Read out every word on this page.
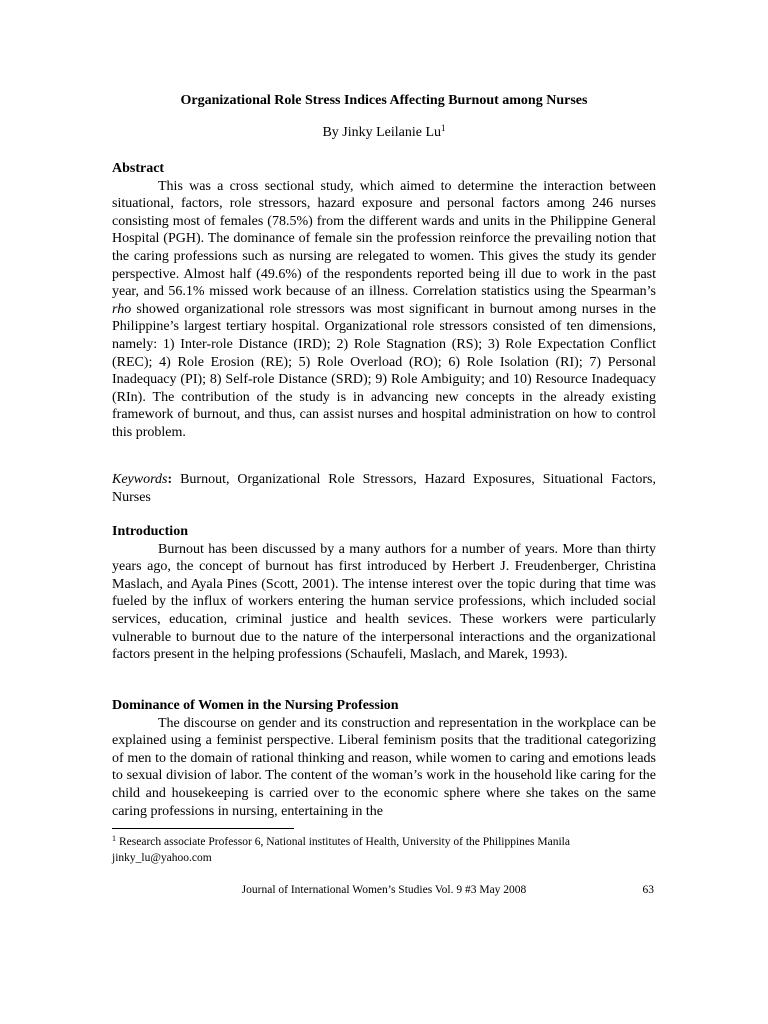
Organizational Role Stress Indices Affecting Burnout among Nurses
By Jinky Leilanie Lu$^1$
Abstract

This was a cross sectional study, which aimed to determine the interaction between situational, factors, role stressors, hazard exposure and personal factors among 246 nurses consisting most of females (78.5%) from the different wards and units in the Philippine General Hospital (PGH). The dominance of female sin the profession reinforce the prevailing notion that the caring professions such as nursing are relegated to women. This gives the study its gender perspective. Almost half (49.6%) of the respondents reported being ill due to work in the past year, and 56.1% missed work because of an illness. Correlation statistics using the Spearman’s rho showed organizational role stressors was most significant in burnout among nurses in the Philippine’s largest tertiary hospital. Organizational role stressors consisted of ten dimensions, namely: 1) Inter-role Distance (IRD); 2) Role Stagnation (RS); 3) Role Expectation Conflict (REC); 4) Role Erosion (RE); 5) Role Overload (RO); 6) Role Isolation (RI); 7) Personal Inadequacy (PI); 8) Self-role Distance (SRD); 9) Role Ambiguity; and 10) Resource Inadequacy (RIn). The contribution of the study is in advancing new concepts in the already existing framework of burnout, and thus, can assist nurses and hospital administration on how to control this problem.

Keywords: Burnout, Organizational Role Stressors, Hazard Exposures, Situational Factors, Nurses

Introduction

Burnout has been discussed by a many authors for a number of years. More than thirty years ago, the concept of burnout has first introduced by Herbert J. Freudenberger, Christina Maslach, and Ayala Pines (Scott, 2001). The intense interest over the topic during that time was fueled by the influx of workers entering the human service professions, which included social services, education, criminal justice and health sevices. These workers were particularly vulnerable to burnout due to the nature of the interpersonal interactions and the organizational factors present in the helping professions (Schaufeli, Maslach, and Marek, 1993).

Dominance of Women in the Nursing Profession

The discourse on gender and its construction and representation in the workplace can be explained using a feminist perspective. Liberal feminism posits that the traditional categorizing of men to the domain of rational thinking and reason, while women to caring and emotions leads to sexual division of labor. The content of the woman’s work in the household like caring for the child and housekeeping is carried over to the economic sphere where she takes on the same caring professions in nursing, entertaining in the

$^1$ Research associate Professor 6, National institutes of Health, University of the Philippines Manila
jinky_lu@yahoo.com
Journal of International Women’s Studies Vol. 9 #3 May 2008	63
